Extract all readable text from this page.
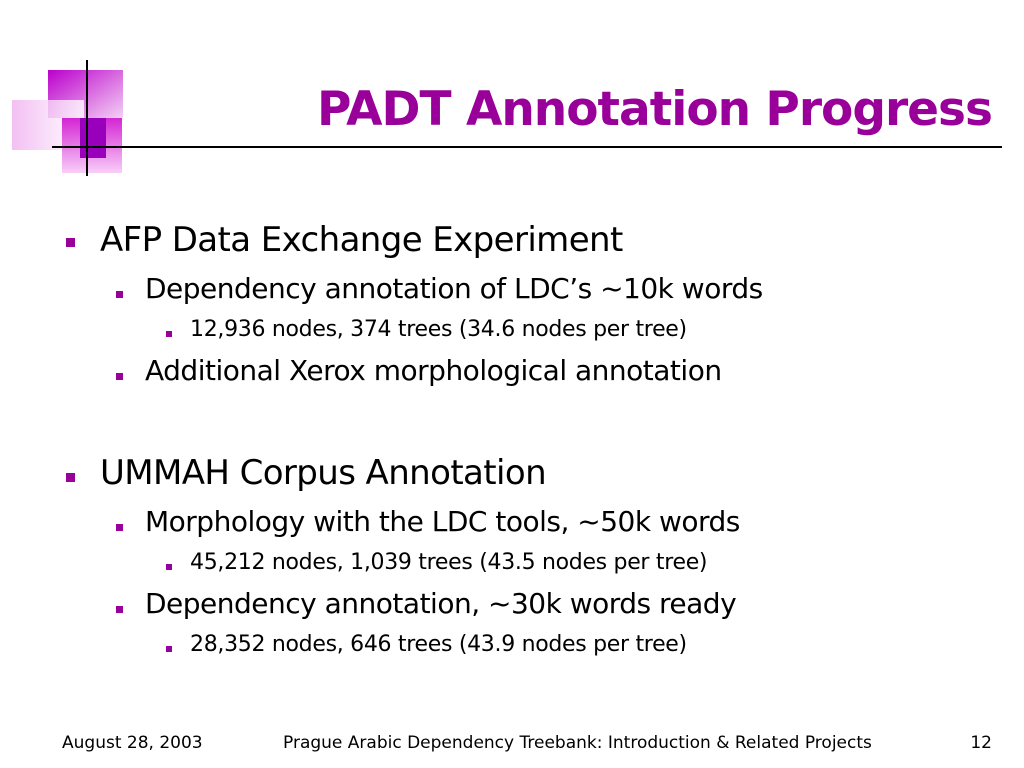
PADT Annotation Progress
AFP Data Exchange Experiment
Dependency annotation of LDC’s ~10k words
12,936 nodes, 374 trees (34.6 nodes per tree)
Additional Xerox morphological annotation
UMMAH Corpus Annotation
Morphology with the LDC tools, ~50k words
45,212 nodes, 1,039 trees (43.5 nodes per tree)
Dependency annotation, ~30k words ready
28,352 nodes, 646 trees (43.9 nodes per tree)
August 28, 2003	Prague Arabic Dependency Treebank: Introduction & Related Projects	12
